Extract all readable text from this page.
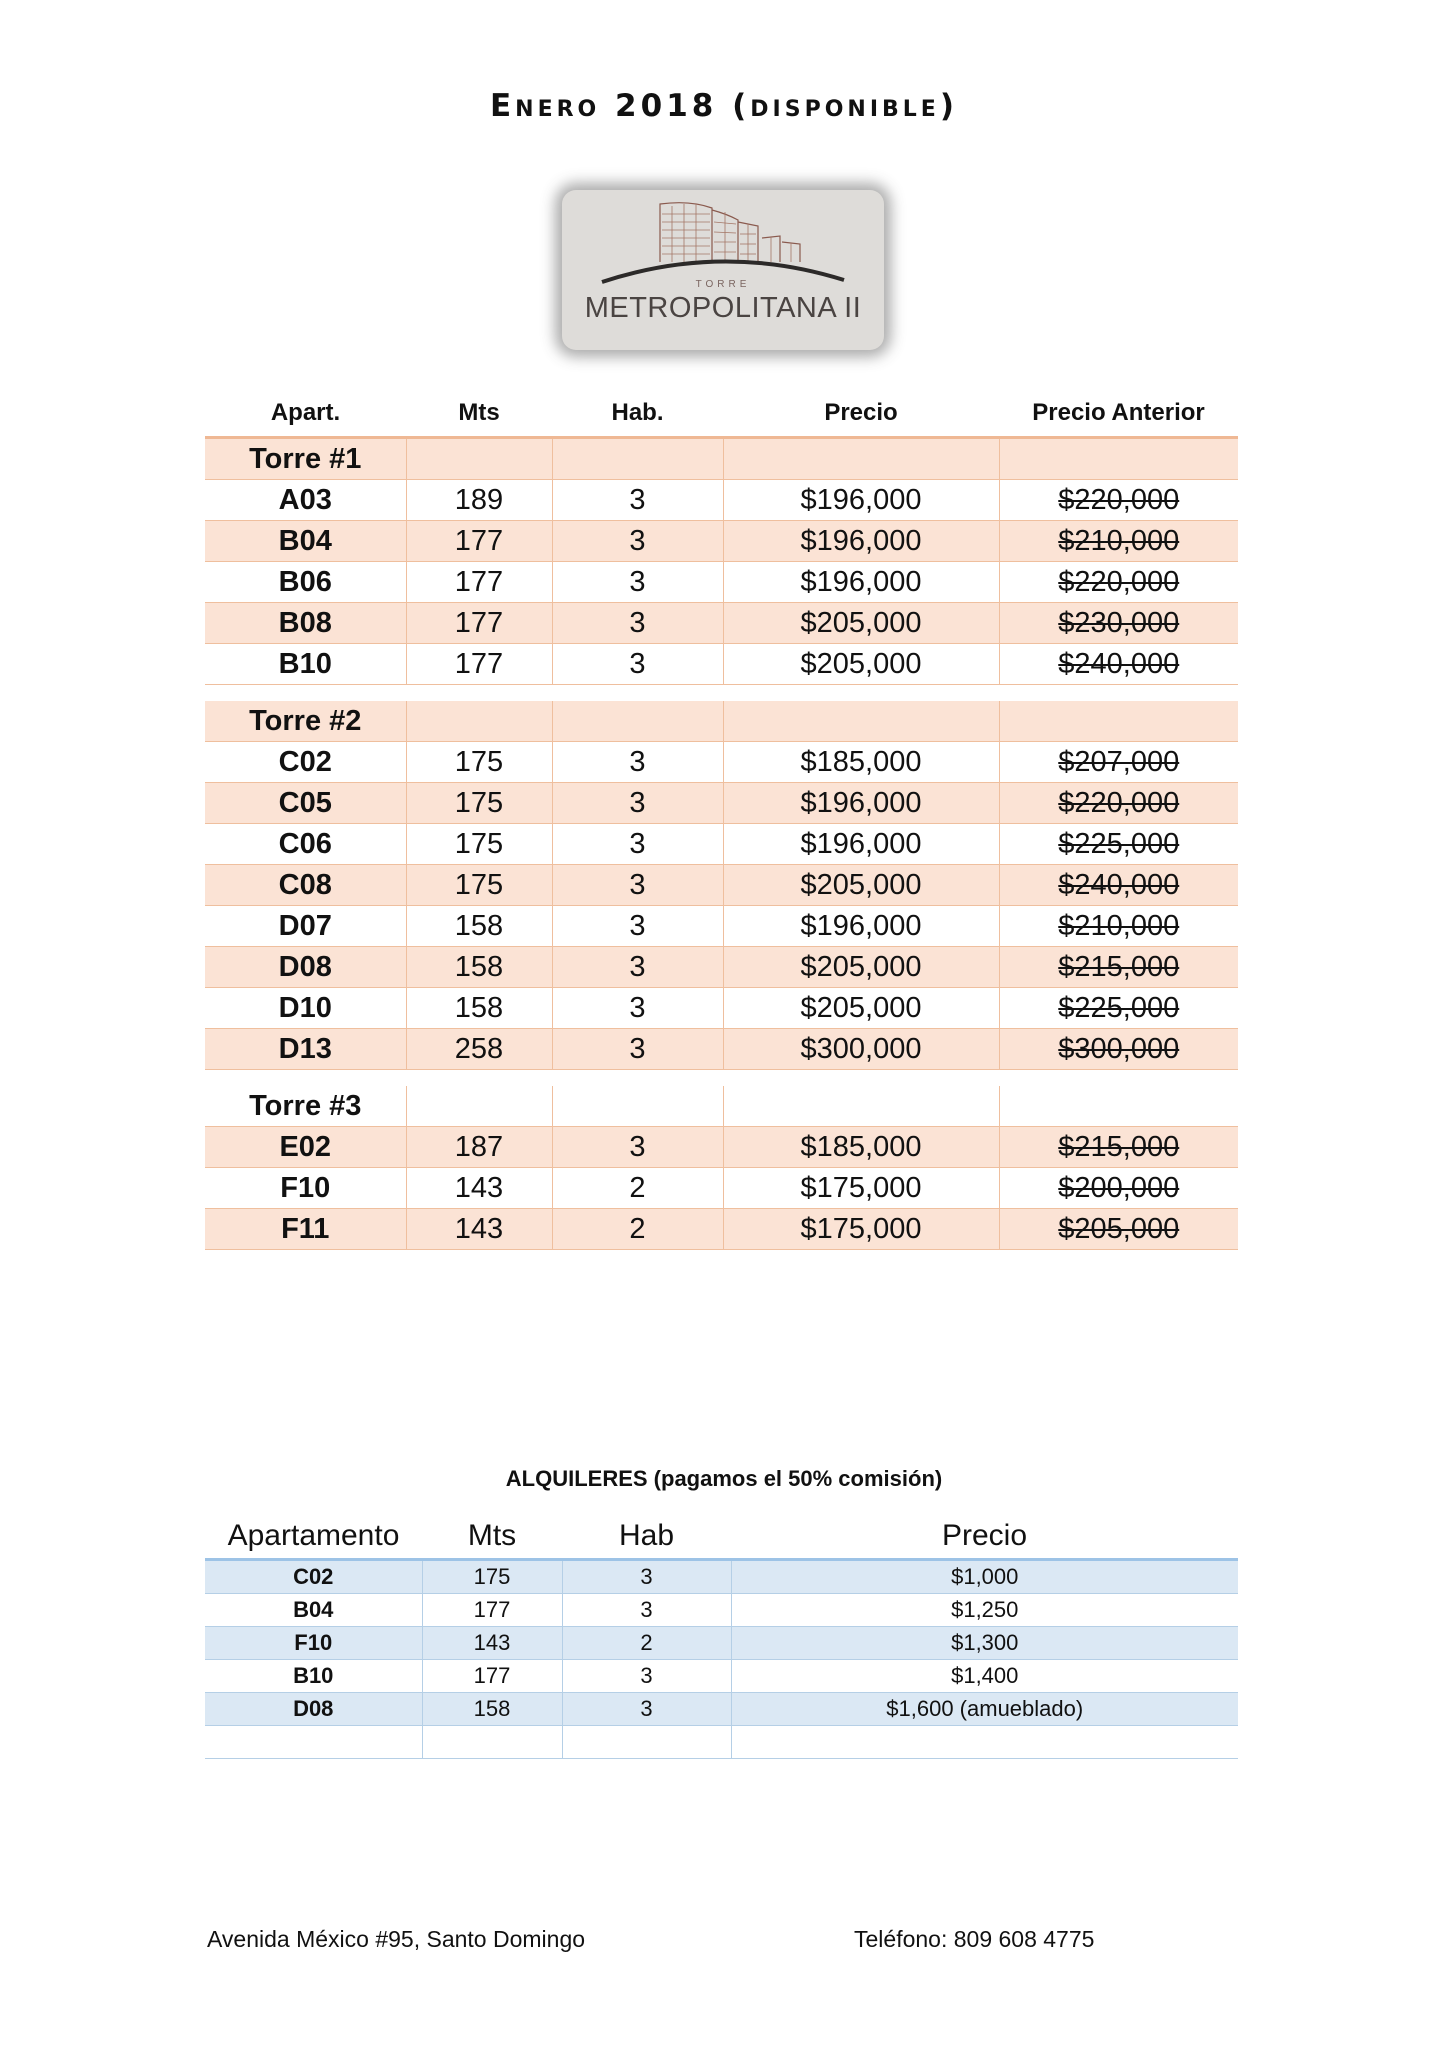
Enero 2018 (disponible)
TORRE
METROPOLITANA II
Apart.	Mts	Hab.	Precio	Precio Anterior
Torre #1				
A03	189	3	$196,000	$220,000
B04	177	3	$196,000	$210,000
B06	177	3	$196,000	$220,000
B08	177	3	$205,000	$230,000
B10	177	3	$205,000	$240,000

Torre #2				
C02	175	3	$185,000	$207,000
C05	175	3	$196,000	$220,000
C06	175	3	$196,000	$225,000
C08	175	3	$205,000	$240,000
D07	158	3	$196,000	$210,000
D08	158	3	$205,000	$215,000
D10	158	3	$205,000	$225,000
D13	258	3	$300,000	$300,000

Torre #3				
E02	187	3	$185,000	$215,000
F10	143	2	$175,000	$200,000
F11	143	2	$175,000	$205,000
ALQUILERES (pagamos el 50% comisión)
Apartamento	Mts	Hab	Precio
C02	175	3	$1,000
B04	177	3	$1,250
F10	143	2	$1,300
B10	177	3	$1,400
D08	158	3	$1,600 (amueblado)

Avenida México #95, Santo Domingo	Teléfono: 809 608 4775
